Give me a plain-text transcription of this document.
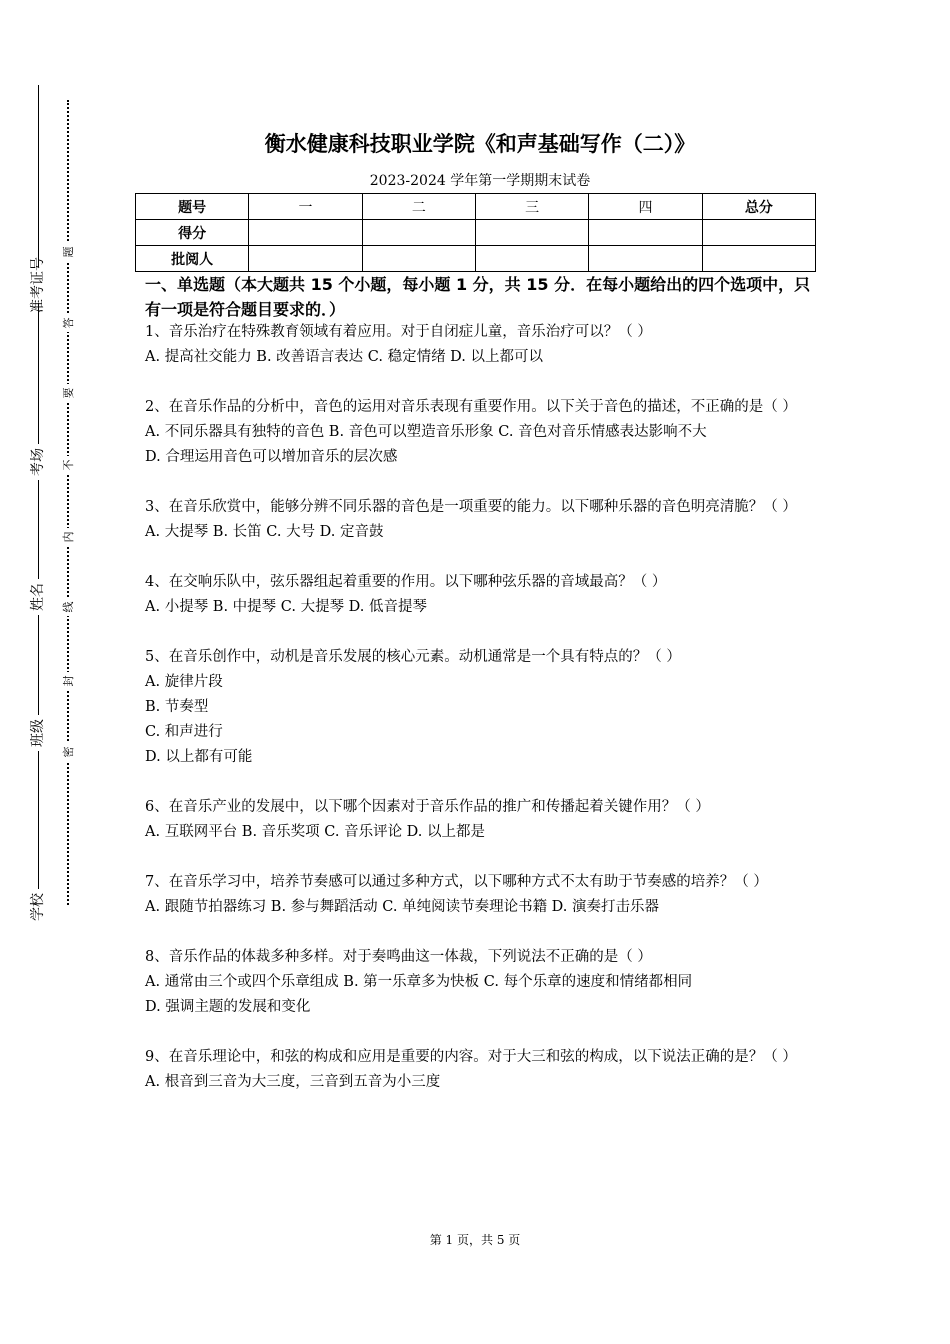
准考证号
考场
姓名
班级
学校
题
答
要
不
内
线
封
密
衡水健康科技职业学院《和声基础写作（二）》
2023-2024 学年第一学期期末试卷
题号	一	二	三	四	总分
得分					
批阅人					
一、单选题（本大题共 15 个小题，每小题 1 分，共 15 分．在每小题给出的四个选项中，只有一项是符合题目要求的．）

1、音乐治疗在特殊教育领域有着应用。对于自闭症儿童，音乐治疗可以？（ ）

A. 提高社交能力 B. 改善语言表达 C. 稳定情绪 D. 以上都可以

2、在音乐作品的分析中，音色的运用对音乐表现有重要作用。以下关于音色的描述，不正确的是（ ）

A. 不同乐器具有独特的音色 B. 音色可以塑造音乐形象 C. 音色对音乐情感表达影响不大

D. 合理运用音色可以增加音乐的层次感

3、在音乐欣赏中，能够分辨不同乐器的音色是一项重要的能力。以下哪种乐器的音色明亮清脆？（ ）

A. 大提琴 B. 长笛 C. 大号 D. 定音鼓

4、在交响乐队中，弦乐器组起着重要的作用。以下哪种弦乐器的音域最高？（ ）

A. 小提琴 B. 中提琴 C. 大提琴 D. 低音提琴

5、在音乐创作中，动机是音乐发展的核心元素。动机通常是一个具有特点的？（ ）

A. 旋律片段

B. 节奏型

C. 和声进行

D. 以上都有可能

6、在音乐产业的发展中，以下哪个因素对于音乐作品的推广和传播起着关键作用？（ ）

A. 互联网平台 B. 音乐奖项 C. 音乐评论 D. 以上都是

7、在音乐学习中，培养节奏感可以通过多种方式，以下哪种方式不太有助于节奏感的培养？（ ）

A. 跟随节拍器练习 B. 参与舞蹈活动 C. 单纯阅读节奏理论书籍 D. 演奏打击乐器

8、音乐作品的体裁多种多样。对于奏鸣曲这一体裁，下列说法不正确的是（ ）

A. 通常由三个或四个乐章组成 B. 第一乐章多为快板 C. 每个乐章的速度和情绪都相同

D. 强调主题的发展和变化

9、在音乐理论中，和弦的构成和应用是重要的内容。对于大三和弦的构成，以下说法正确的是？（ ）

A. 根音到三音为大三度，三音到五音为小三度

第 1 页，共 5 页
